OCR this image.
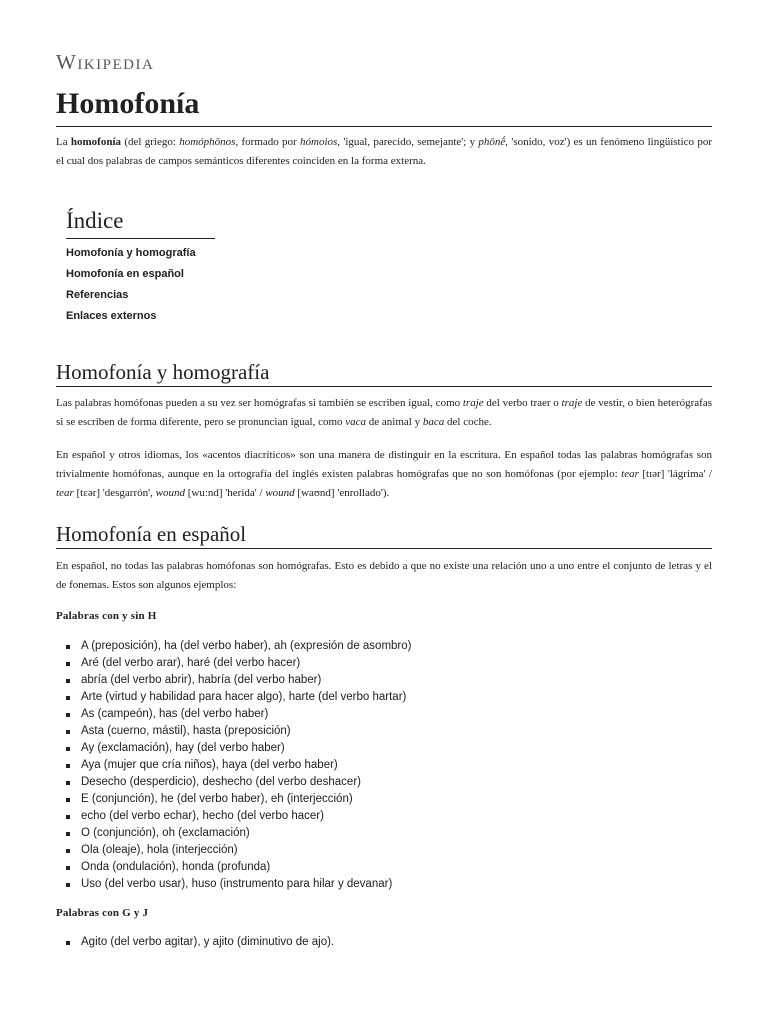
Wikipedia
Homofonía

La homofonía (del griego: homóphōnos, formado por hómoios, 'igual, parecido, semejante'; y phōnḗ, 'sonido, voz') es un fenómeno lingüístico por el cual dos palabras de campos semánticos diferentes coinciden en la forma externa.

Índice
Homofonía y homografía
Homofonía en español
Referencias
Enlaces externos
Homofonía y homografía

Las palabras homófonas pueden a su vez ser homógrafas si también se escriben igual, como traje del verbo traer o traje de vestir, o bien heterógrafas si se escriben de forma diferente, pero se pronuncian igual, como vaca de animal y baca del coche.

En español y otros idiomas, los «acentos diacríticos» son una manera de distinguir en la escritura. En español todas las palabras homógrafas son trivialmente homófonas, aunque en la ortografía del inglés existen palabras homógrafas que no son homófonas (por ejemplo: tear [tɪər] 'lágrima' / tear [tɛər] 'desgarrón', wound [wuːnd] 'herida' / wound [waʊnd] 'enrollado').

Homofonía en español

En español, no todas las palabras homófonas son homógrafas. Esto es debido a que no existe una relación uno a uno entre el conjunto de letras y el de fonemas. Estos son algunos ejemplos:

Palabras con y sin H
A (preposición), ha (del verbo haber), ah (expresión de asombro)
Aré (del verbo arar), haré (del verbo hacer)
abría (del verbo abrir), habría (del verbo haber)
Arte (virtud y habilidad para hacer algo), harte (del verbo hartar)
As (campeón), has (del verbo haber)
Asta (cuerno, mástil), hasta (preposición)
Ay (exclamación), hay (del verbo haber)
Aya (mujer que cría niños), haya (del verbo haber)
Desecho (desperdicio), deshecho (del verbo deshacer)
E (conjunción), he (del verbo haber), eh (interjección)
echo (del verbo echar), hecho (del verbo hacer)
O (conjunción), oh (exclamación)
Ola (oleaje), hola (interjección)
Onda (ondulación), honda (profunda)
Uso (del verbo usar), huso (instrumento para hilar y devanar)
Palabras con G y J
Agito (del verbo agitar), y ajito (diminutivo de ajo).
